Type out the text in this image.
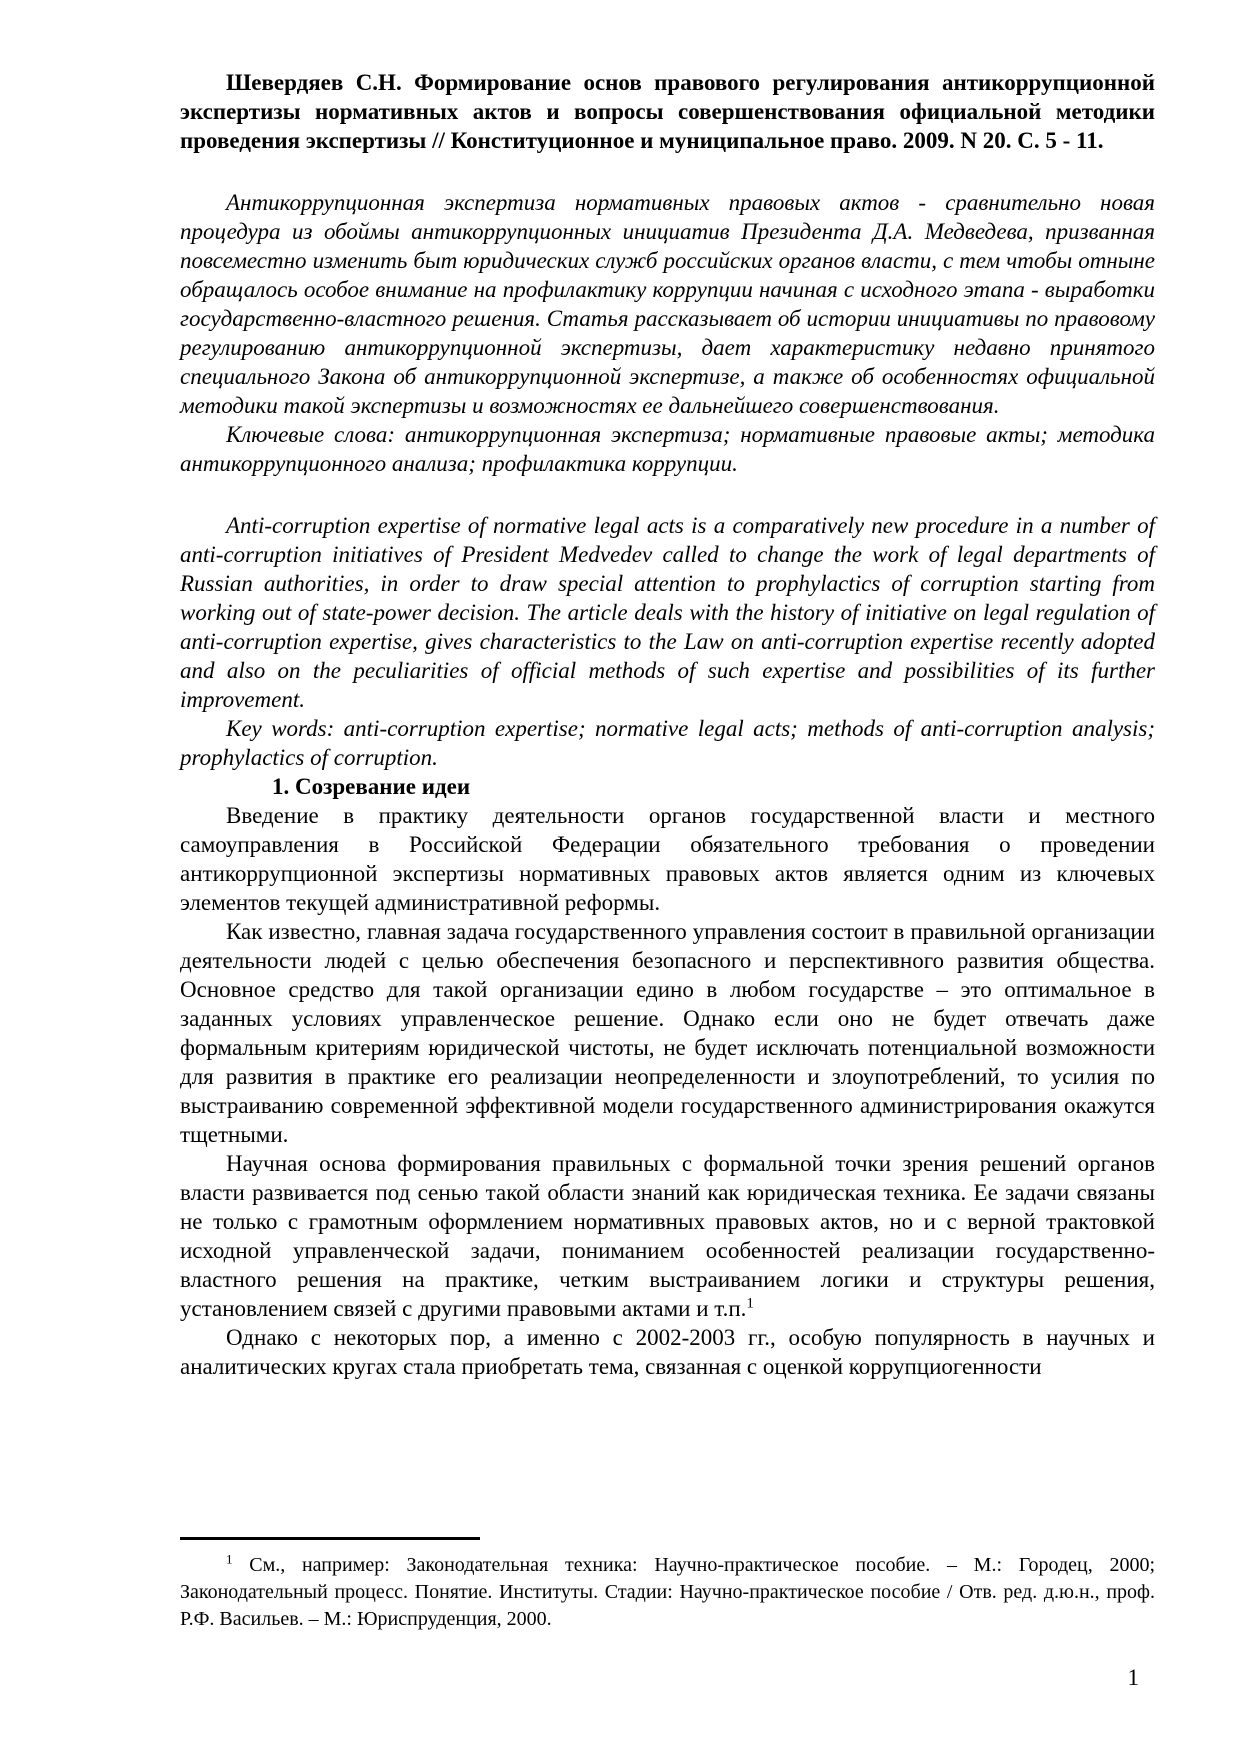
Шевердяев С.Н. Формирование основ правового регулирования антикоррупционной экспертизы нормативных актов и вопросы совершенствования официальной методики проведения экспертизы // Конституционное и муниципальное право. 2009. N 20. С. 5 - 11.

Антикоррупционная экспертиза нормативных правовых актов - сравнительно новая процедура из обоймы антикоррупционных инициатив Президента Д.А. Медведева, призванная повсеместно изменить быт юридических служб российских органов власти, с тем чтобы отныне обращалось особое внимание на профилактику коррупции начиная с исходного этапа - выработки государственно-властного решения. Статья рассказывает об истории инициативы по правовому регулированию антикоррупционной экспертизы, дает характеристику недавно принятого специального Закона об антикоррупционной экспертизе, а также об особенностях официальной методики такой экспертизы и возможностях ее дальнейшего совершенствования.

Ключевые слова: антикоррупционная экспертиза; нормативные правовые акты; методика антикоррупционного анализа; профилактика коррупции.

Anti-corruption expertise of normative legal acts is a comparatively new procedure in a number of anti-corruption initiatives of President Medvedev called to change the work of legal departments of Russian authorities, in order to draw special attention to prophylactics of corruption starting from working out of state-power decision. The article deals with the history of initiative on legal regulation of anti-corruption expertise, gives characteristics to the Law on anti-corruption expertise recently adopted and also on the peculiarities of official methods of such expertise and possibilities of its further improvement.

Key words: anti-corruption expertise; normative legal acts; methods of anti-corruption analysis; prophylactics of corruption.

1. Созревание идеи

Введение в практику деятельности органов государственной власти и местного самоуправления в Российской Федерации обязательного требования о проведении антикоррупционной экспертизы нормативных правовых актов является одним из ключевых элементов текущей административной реформы.

Как известно, главная задача государственного управления состоит в правильной организации деятельности людей с целью обеспечения безопасного и перспективного развития общества. Основное средство для такой организации едино в любом государстве – это оптимальное в заданных условиях управленческое решение. Однако если оно не будет отвечать даже формальным критериям юридической чистоты, не будет исключать потенциальной возможности для развития в практике его реализации неопределенности и злоупотреблений, то усилия по выстраиванию современной эффективной модели государственного администрирования окажутся тщетными.

Научная основа формирования правильных с формальной точки зрения решений органов власти развивается под сенью такой области знаний как юридическая техника. Ее задачи связаны не только с грамотным оформлением нормативных правовых актов, но и с верной трактовкой исходной управленческой задачи, пониманием особенностей реализации государственно-властного решения на практике, четким выстраиванием логики и структуры решения, установлением связей с другими правовыми актами и т.п.$^1$

Однако с некоторых пор, а именно с 2002-2003 гг., особую популярность в научных и аналитических кругах стала приобретать тема, связанная с оценкой коррупциогенности

$^1$ См., например: Законодательная техника: Научно-практическое пособие. – М.: Городец, 2000; Законодательный процесс. Понятие. Институты. Стадии: Научно-практическое пособие / Отв. ред. д.ю.н., проф. Р.Ф. Васильев. – М.: Юриспруденция, 2000.

1
